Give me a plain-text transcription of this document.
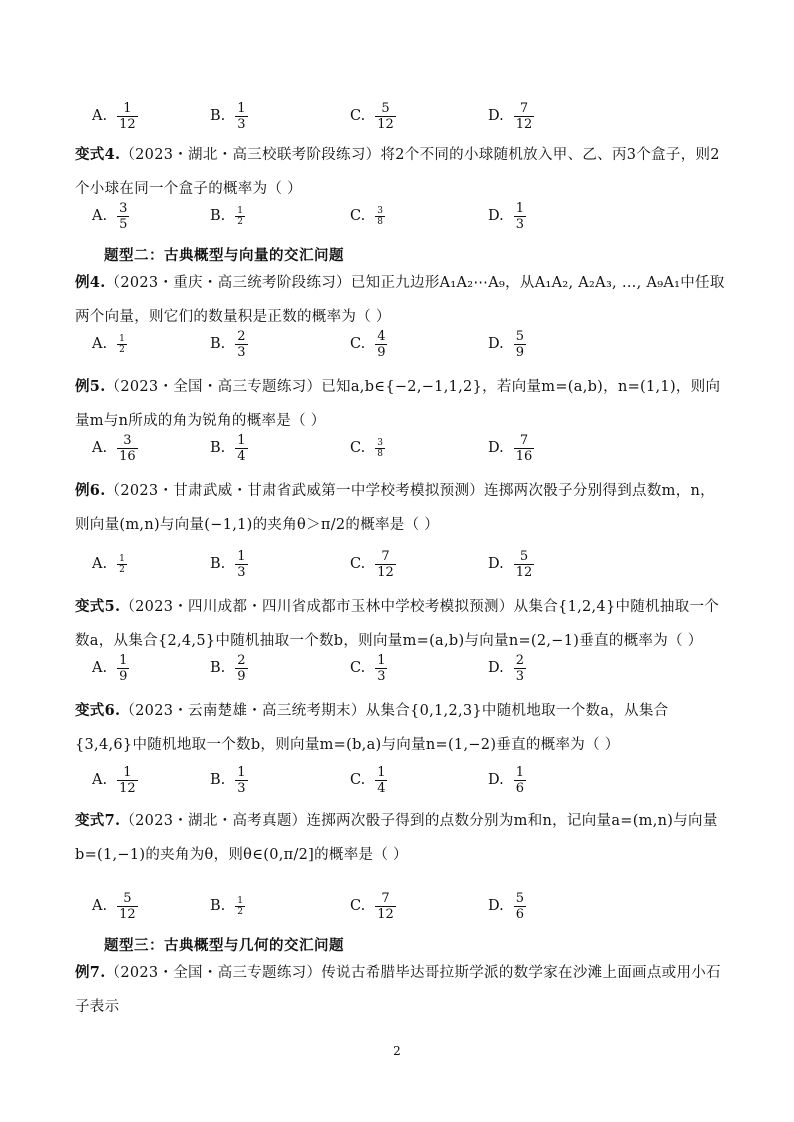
A. $\frac{1}{12}$	B. $\frac{1}{3}$	C. $\frac{5}{12}$	D. $\frac{7}{12}$
变式4.（2023・湖北・高三校联考阶段练习）将2个不同的小球随机放入甲、乙、丙3个盒子，则2个小球在同一个盒子的概率为（ ）
A. $\frac{3}{5}$	B. $\frac{1}{2}$	C. $\frac{3}{8}$	D. $\frac{1}{3}$
题型二：古典概型与向量的交汇问题
例4.（2023・重庆・高三统考阶段练习）已知正九边形A₁A₂⋯A₉，从A₁A₂, A₂A₃, …, A₉A₁中任取两个向量，则它们的数量积是正数的概率为（ ）
A. $\frac{1}{2}$	B. $\frac{2}{3}$	C. $\frac{4}{9}$	D. $\frac{5}{9}$
例5.（2023・全国・高三专题练习）已知a,b∈{−2,−1,1,2}，若向量m=(a,b)，n=(1,1)，则向量m与n所成的角为锐角的概率是（ ）
A. $\frac{3}{16}$	B. $\frac{1}{4}$	C. $\frac{3}{8}$	D. $\frac{7}{16}$
例6.（2023・甘肃武威・甘肃省武威第一中学校考模拟预测）连掷两次骰子分别得到点数m，n，则向量(m,n)与向量(−1,1)的夹角θ＞π/2的概率是（ ）
A. $\frac{1}{2}$	B. $\frac{1}{3}$	C. $\frac{7}{12}$	D. $\frac{5}{12}$
变式5.（2023・四川成都・四川省成都市玉林中学校考模拟预测）从集合{1,2,4}中随机抽取一个数a，从集合{2,4,5}中随机抽取一个数b，则向量m=(a,b)与向量n=(2,−1)垂直的概率为（ ）
A. $\frac{1}{9}$	B. $\frac{2}{9}$	C. $\frac{1}{3}$	D. $\frac{2}{3}$
变式6.（2023・云南楚雄・高三统考期末）从集合{0,1,2,3}中随机地取一个数a，从集合{3,4,6}中随机地取一个数b，则向量m=(b,a)与向量n=(1,−2)垂直的概率为（ ）
A. $\frac{1}{12}$	B. $\frac{1}{3}$	C. $\frac{1}{4}$	D. $\frac{1}{6}$
变式7.（2023・湖北・高考真题）连掷两次骰子得到的点数分别为m和n，记向量a=(m,n)与向量b=(1,−1)的夹角为θ，则θ∈(0,π/2]的概率是（ ）
A. $\frac{5}{12}$	B. $\frac{1}{2}$	C. $\frac{7}{12}$	D. $\frac{5}{6}$
题型三：古典概型与几何的交汇问题
例7.（2023・全国・高三专题练习）传说古希腊毕达哥拉斯学派的数学家在沙滩上面画点或用小石子表示
2
